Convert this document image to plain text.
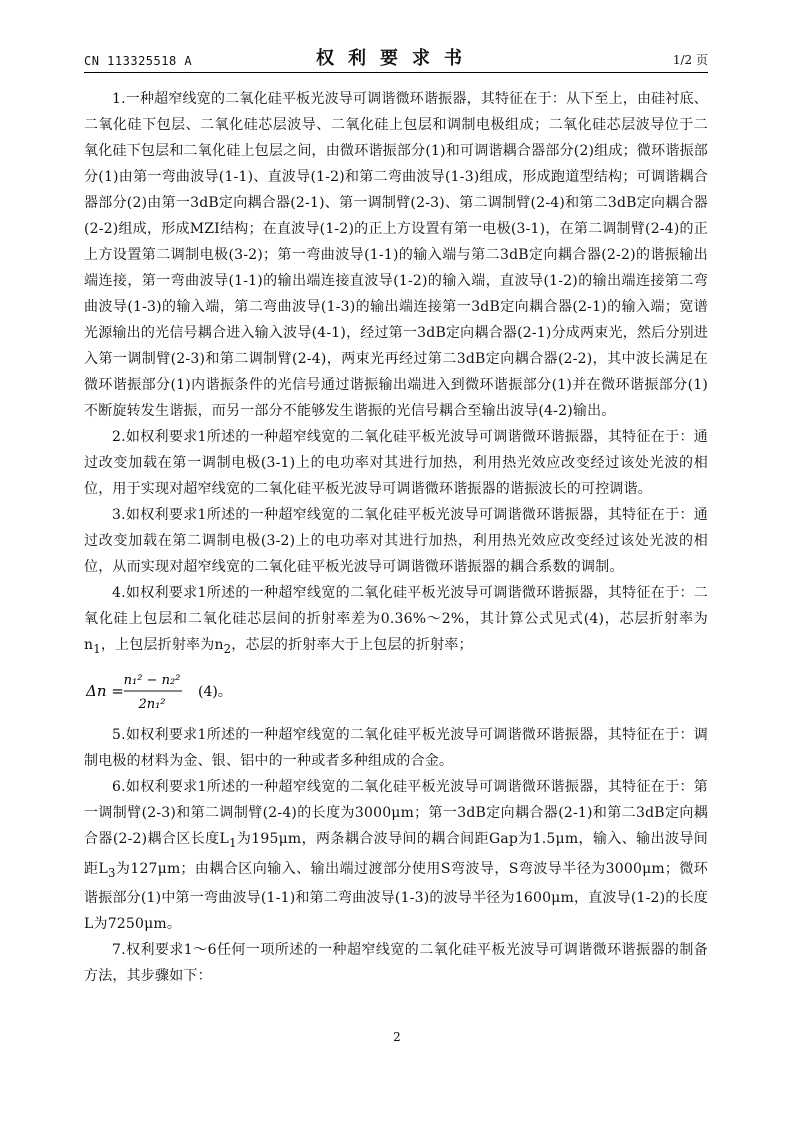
CN 113325518 A	权利要求书	1/2 页

1.一种超窄线宽的二氧化硅平板光波导可调谐微环谐振器，其特征在于：从下至上，由硅衬底、二氧化硅下包层、二氧化硅芯层波导、二氧化硅上包层和调制电极组成；二氧化硅芯层波导位于二氧化硅下包层和二氧化硅上包层之间，由微环谐振部分(1)和可调谐耦合器部分(2)组成；微环谐振部分(1)由第一弯曲波导(1-1)、直波导(1-2)和第二弯曲波导(1-3)组成，形成跑道型结构；可调谐耦合器部分(2)由第一3dB定向耦合器(2-1)、第一调制臂(2-3)、第二调制臂(2-4)和第二3dB定向耦合器(2-2)组成，形成MZI结构；在直波导(1-2)的正上方设置有第一电极(3-1)，在第二调制臂(2-4)的正上方设置第二调制电极(3-2)；第一弯曲波导(1-1)的输入端与第二3dB定向耦合器(2-2)的谐振输出端连接，第一弯曲波导(1-1)的输出端连接直波导(1-2)的输入端，直波导(1-2)的输出端连接第二弯曲波导(1-3)的输入端，第二弯曲波导(1-3)的输出端连接第一3dB定向耦合器(2-1)的输入端；宽谱光源输出的光信号耦合进入输入波导(4-1)，经过第一3dB定向耦合器(2-1)分成两束光，然后分别进入第一调制臂(2-3)和第二调制臂(2-4)，两束光再经过第二3dB定向耦合器(2-2)，其中波长满足在微环谐振部分(1)内谐振条件的光信号通过谐振输出端进入到微环谐振部分(1)并在微环谐振部分(1)不断旋转发生谐振，而另一部分不能够发生谐振的光信号耦合至输出波导(4-2)输出。

2.如权利要求1所述的一种超窄线宽的二氧化硅平板光波导可调谐微环谐振器，其特征在于：通过改变加载在第一调制电极(3-1)上的电功率对其进行加热，利用热光效应改变经过该处光波的相位，用于实现对超窄线宽的二氧化硅平板光波导可调谐微环谐振器的谐振波长的可控调谐。

3.如权利要求1所述的一种超窄线宽的二氧化硅平板光波导可调谐微环谐振器，其特征在于：通过改变加载在第二调制电极(3-2)上的电功率对其进行加热，利用热光效应改变经过该处光波的相位，从而实现对超窄线宽的二氧化硅平板光波导可调谐微环谐振器的耦合系数的调制。

4.如权利要求1所述的一种超窄线宽的二氧化硅平板光波导可调谐微环谐振器，其特征在于：二氧化硅上包层和二氧化硅芯层间的折射率差为0.36%～2%，其计算公式见式(4)，芯层折射率为$n_1$，上包层折射率为$n_2$，芯层的折射率大于上包层的折射率；

Δn =
n₁² − n₂²
2n₁²
(4)。

5.如权利要求1所述的一种超窄线宽的二氧化硅平板光波导可调谐微环谐振器，其特征在于：调制电极的材料为金、银、铝中的一种或者多种组成的合金。

6.如权利要求1所述的一种超窄线宽的二氧化硅平板光波导可调谐微环谐振器，其特征在于：第一调制臂(2-3)和第二调制臂(2-4)的长度为3000μm；第一3dB定向耦合器(2-1)和第二3dB定向耦合器(2-2)耦合区长度$L_1$为195μm，两条耦合波导间的耦合间距Gap为1.5μm，输入、输出波导间距$L_3$为127μm；由耦合区向输入、输出端过渡部分使用S弯波导，S弯波导半径为3000μm；微环谐振部分(1)中第一弯曲波导(1-1)和第二弯曲波导(1-3)的波导半径为1600μm，直波导(1-2)的长度L为7250μm。

7.权利要求1～6任何一项所述的一种超窄线宽的二氧化硅平板光波导可调谐微环谐振器的制备方法，其步骤如下：

2
